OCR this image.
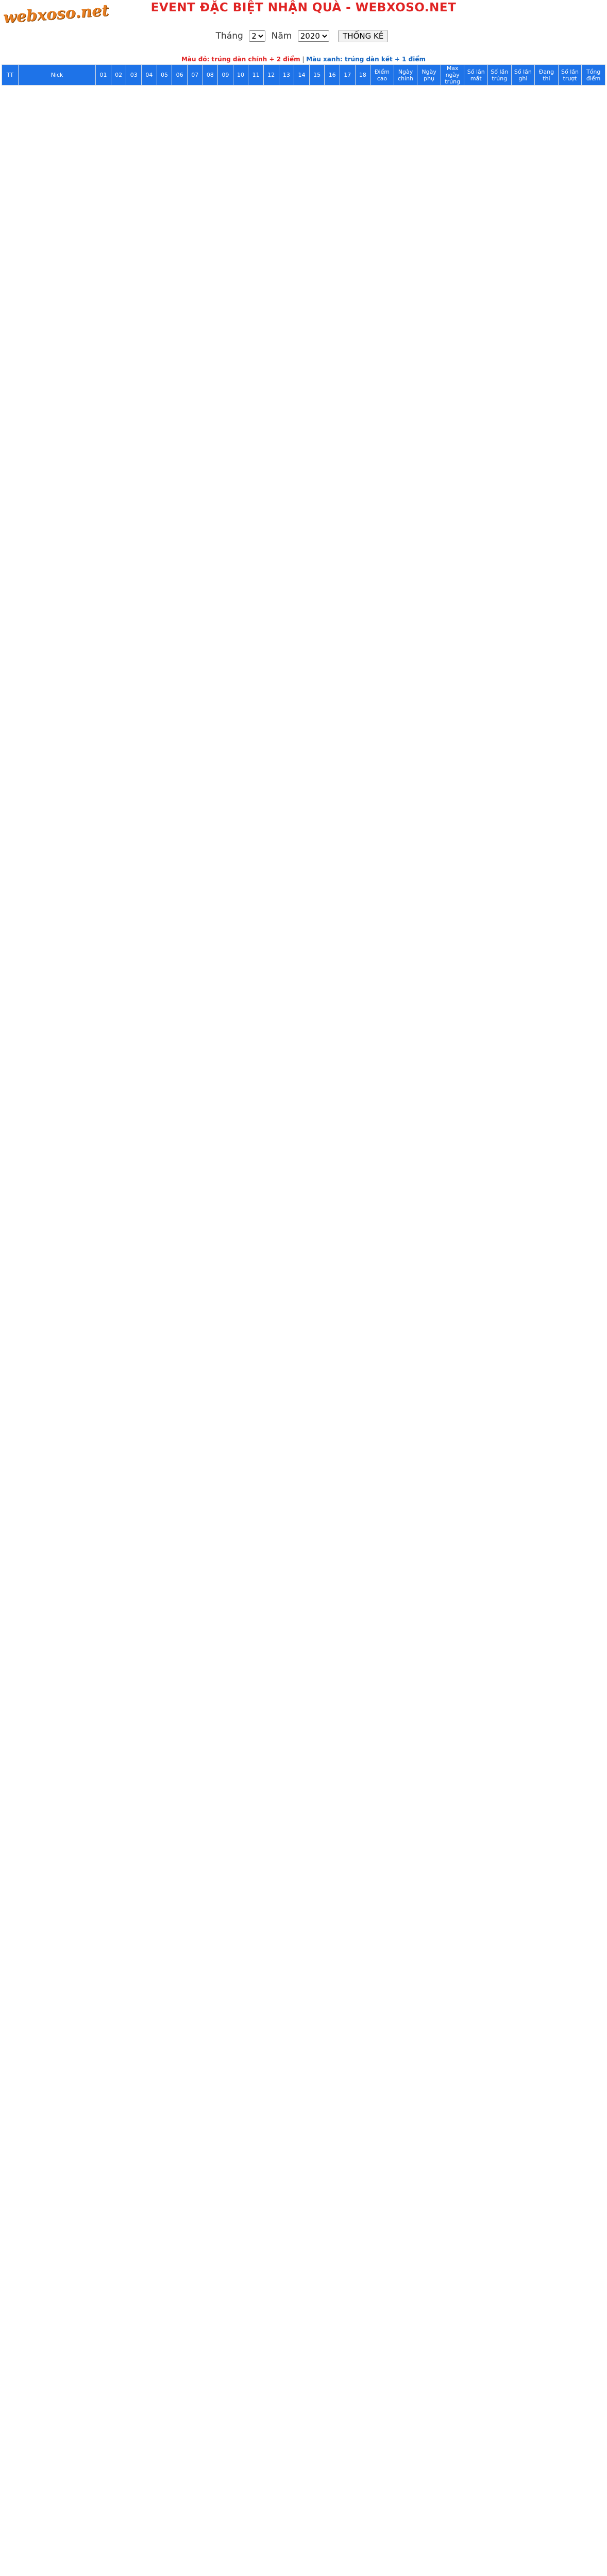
webxoso.net	EVENT ĐẶC BIỆT NHẬN QUÀ - WEBXOSO.NET
Tháng
2	Năm
2020	THỐNG KÊ
Màu đỏ: trúng dàn chính + 2 điểm | Màu xanh: trúng dàn kết + 1 điểm
TT	Nick	01	02	03	04	05	06	07	08	09	10	11	12	13	14	15	16	17	18	Điểm cao	Ngày chính	Ngày phụ	Max ngày trúng	Số lần mất	Số lần trúng	Số lần ghi	Đang thi	Số lần trượt	Tổng điểm
